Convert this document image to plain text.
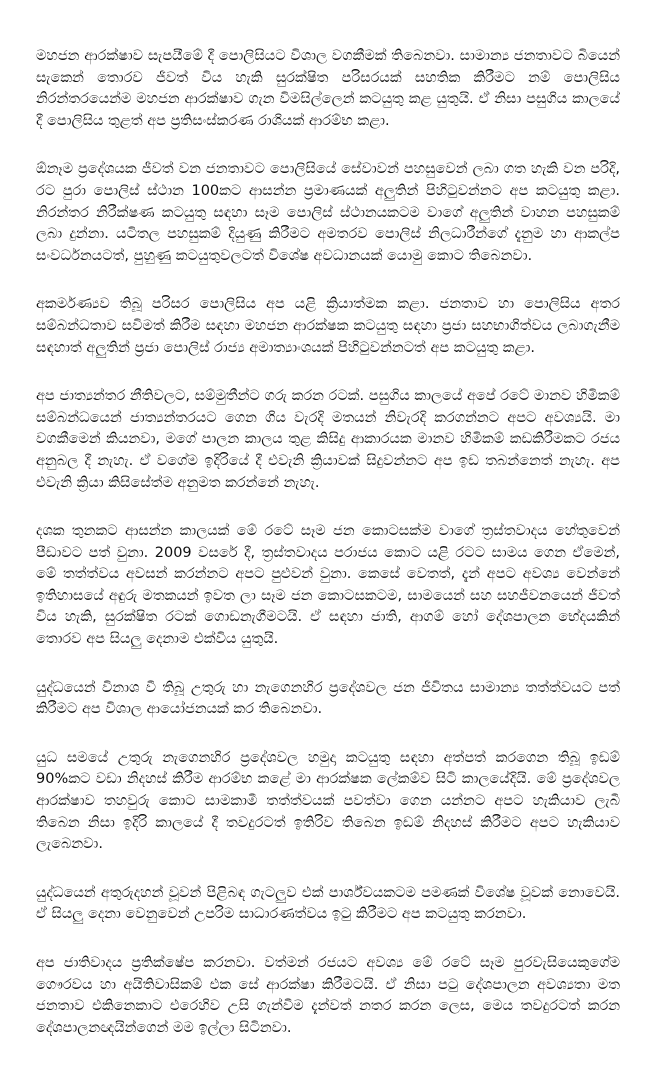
මහජන ආරක්ෂාව සැපයීමේ දී පොලිසියට විශාල වගකීමක් තිබෙනවා. සාමාන්‍ය ජනතාවට බියෙන් සැකෙන් තොරව ජීවත් විය හැකි සුරක්ෂිත පරිසරයක් සහතික කිරීමට නම් පොලිසිය නිරන්තරයෙන්ම මහජන ආරක්ෂාව ගැන විමසිල්ලෙන් කටයුතු කළ යුතුයි. ඒ නිසා පසුගිය කාලයේ දී පොලිසිය තුළත් අප ප්‍රතිසංස්කරණ රාශියක් ආරම්භ කළා.

ඕනෑම ප්‍රදේශයක ජීවත් වන ජනතාවට පොලිසියේ සේවාවන් පහසුවෙන් ලබා ගත හැකි වන පරිදි, රට පුරා පොලිස් ස්ථාන 100කට ආසන්න ප්‍රමාණයක් අලුතින් පිහිටුවන්නට අප කටයුතු කළා. නිරන්තර නිරීක්ෂණ කටයුතු සඳහා සෑම පොලිස් ස්ථානයකටම වාගේ අලුතින් වාහන පහසුකම් ලබා දුන්නා. යටිතල පහසුකම් දියුණු කිරීමට අමතරව පොලිස් නිලධාරීන්ගේ දැනුම හා ආකල්ප සංවර්ධනයටත්, පුහුණු කටයුතුවලටත් විශේෂ අවධානයක් යොමු කොට තිබෙනවා.

අකර්මණ්‍යව තිබූ පරිසර පොලිසිය අප යළි ක්‍රියාත්මක කළා. ජනතාව හා පොලිසිය අතර සම්බන්ධතාව සවිමත් කිරීම සඳහා මහජන ආරක්ෂක කටයුතු සඳහා ප්‍රජා සහභාගිත්වය ලබාගැනීම සඳහාත් අලුතින් ප්‍රජා පොලිස් රාජ්‍ය අමාත්‍යාංශයක් පිහිටුවන්නටත් අප කටයුතු කළා.

අප ජාත්‍යන්තර නීතිවලට, සම්මුතීන්ට ගරු කරන රටක්. පසුගිය කාලයේ අපේ රටේ මානව හිමිකම් සම්බන්ධයෙන් ජාත්‍යන්තරයට ගෙන ගිය වැරදි මතයන් නිවැරදි කරගන්නට අපට අවශ්‍යයි. මා වගකීමෙන් කියනවා, මගේ පාලන කාලය තුළ කිසිදු ආකාරයක මානව හිමිකම් කඩකිරීමකට රජය අනුබල දී නැහැ. ඒ වගේම ඉදිරියේ දී එවැනි ක්‍රියාවක් සිදුවන්නට අප ඉඩ තබන්නෙත් නැහැ. අප එවැනි ක්‍රියා කිසිසේත්ම අනුමත කරන්නේ නැහැ.

දශක තුනකට ආසන්න කාලයක් මේ රටේ සෑම ජන කොටසක්ම වාගේ ත්‍රස්තවාදය හේතුවෙන් පීඩාවට පත් වුනා. 2009 වසරේ දී, ත්‍රස්තවාදය පරාජය කොට යළි රටට සාමය ගෙන ඒමෙන්, මේ තත්ත්වය අවසන් කරන්නට අපට පුළුවන් වුනා. කෙසේ වෙතත්, දැන් අපට අවශ්‍ය වෙන්නේ ඉතිහාසයේ අඳුරු මතකයන් ඉවත ලා සෑම ජන කොටසකටම, සාමයෙන් සහ සහජීවනයෙන් ජීවත් විය හැකි, සුරක්ෂිත රටක් ගොඩනැගීමටයි. ඒ සඳහා ජාති, ආගම් හෝ දේශපාලන භේදයකින් තොරව අප සියලු දෙනාම එක්විය යුතුයි.

යුද්ධයෙන් විනාශ වී තිබූ උතුරු හා නැගෙනහිර ප්‍රදේශවල ජන ජීවිතය සාමාන්‍ය තත්ත්වයට පත් කිරීමට අප විශාල ආයෝජනයක් කර තිබෙනවා.

යුධ සමයේ උතුරු නැගෙනහිර ප්‍රදේශවල හමුදා කටයුතු සඳහා අත්පත් කරගෙන තිබූ ඉඩම් 90%කට වඩා නිදහස් කිරීම ආරම්භ කළේ මා ආරක්ෂක ලේකම්ව සිටි කාලයේදියි. මේ ප්‍රදේශවල ආරක්ෂාව තහවුරු කොට සාමකාමී තත්ත්වයක් පවත්වා ගෙන යන්නට අපට හැකියාව ලැබී තිබෙන නිසා ඉදිරි කාලයේ දී තවදුරටත් ඉතිරිව තිබෙන ඉඩම් නිදහස් කිරීමට අපට හැකියාව ලැබෙනවා.

යුද්ධයෙන් අතුරුදහන් වූවන් පිළිබඳ ගැටලුව එක් පාර්ශ්වයකටම පමණක් විශේෂ වූවක් නොවෙයි. ඒ සියලු දෙනා වෙනුවෙන් උපරිම සාධාරණත්වය ඉටු කිරීමට අප කටයුතු කරනවා.

අප ජාතිවාදය ප්‍රතික්ෂේප කරනවා. වත්මන් රජයට අවශ්‍ය මේ රටේ සෑම පුරවැසියෙකුගේම ගෞරවය හා අයිතිවාසිකම් එක සේ ආරක්ෂා කිරීමටයි. ඒ නිසා පටු දේශපාලන අවශ්‍යතා මත ජනතාව එකිනෙකාට එරෙහිව උසි ගැන්වීම දැන්වත් නතර කරන ලෙස, මෙය තවදුරටත් කරන දේශපාලනඥයින්ගෙන් මම ඉල්ලා සිටිනවා.
